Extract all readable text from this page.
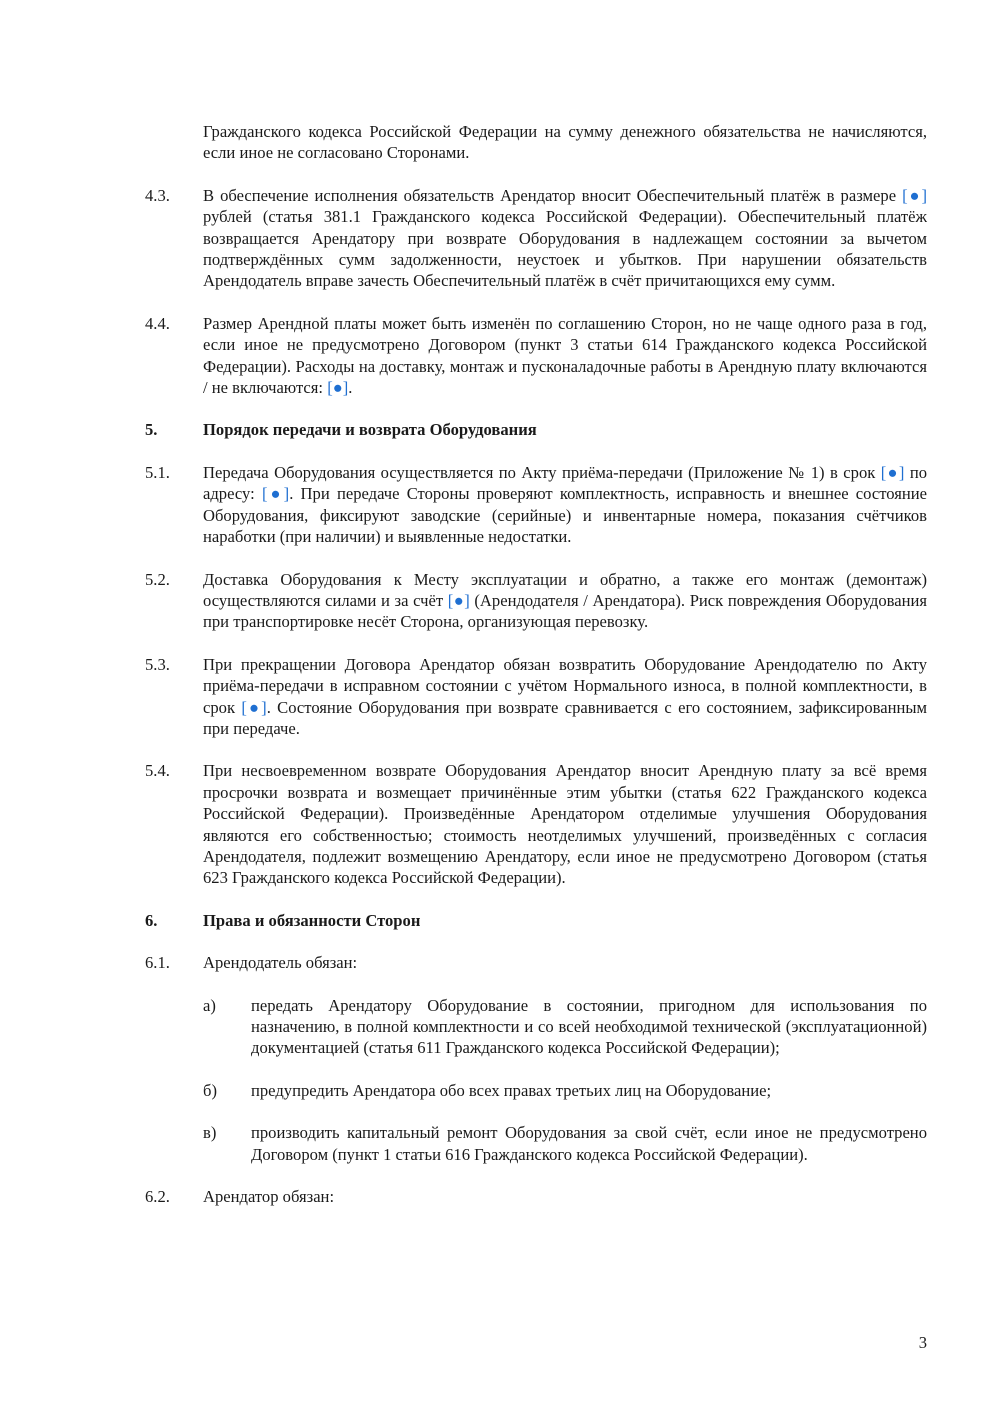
Гражданского кодекса Российской Федерации на сумму денежного обязательства не начисляются, если иное не согласовано Сторонами.
4.3.	В обеспечение исполнения обязательств Арендатор вносит Обеспечительный платёж в размере [●] рублей (статья 381.1 Гражданского кодекса Российской Федерации). Обеспечительный платёж возвращается Арендатору при возврате Оборудования в надлежащем состоянии за вычетом подтверждённых сумм задолженности, неустоек и убытков. При нарушении обязательств Арендодатель вправе зачесть Обеспечительный платёж в счёт причитающихся ему сумм.
4.4.	Размер Арендной платы может быть изменён по соглашению Сторон, но не чаще одного раза в год, если иное не предусмотрено Договором (пункт 3 статьи 614 Гражданского кодекса Российской Федерации). Расходы на доставку, монтаж и пусконаладочные работы в Арендную плату включаются / не включаются: [●].
5.	Порядок передачи и возврата Оборудования
5.1.	Передача Оборудования осуществляется по Акту приёма-передачи (Приложение № 1) в срок [●] по адресу: [●]. При передаче Стороны проверяют комплектность, исправность и внешнее состояние Оборудования, фиксируют заводские (серийные) и инвентарные номера, показания счётчиков наработки (при наличии) и выявленные недостатки.
5.2.	Доставка Оборудования к Месту эксплуатации и обратно, а также его монтаж (демонтаж) осуществляются силами и за счёт [●] (Арендодателя / Арендатора). Риск повреждения Оборудования при транспортировке несёт Сторона, организующая перевозку.
5.3.	При прекращении Договора Арендатор обязан возвратить Оборудование Арендодателю по Акту приёма-передачи в исправном состоянии с учётом Нормального износа, в полной комплектности, в срок [●]. Состояние Оборудования при возврате сравнивается с его состоянием, зафиксированным при передаче.
5.4.	При несвоевременном возврате Оборудования Арендатор вносит Арендную плату за всё время просрочки возврата и возмещает причинённые этим убытки (статья 622 Гражданского кодекса Российской Федерации). Произведённые Арендатором отделимые улучшения Оборудования являются его собственностью; стоимость неотделимых улучшений, произведённых с согласия Арендодателя, подлежит возмещению Арендатору, если иное не предусмотрено Договором (статья 623 Гражданского кодекса Российской Федерации).
6.	Права и обязанности Сторон
6.1.	Арендодатель обязан:
а)	передать Арендатору Оборудование в состоянии, пригодном для использования по назначению, в полной комплектности и со всей необходимой технической (эксплуатационной) документацией (статья 611 Гражданского кодекса Российской Федерации);
б)	предупредить Арендатора обо всех правах третьих лиц на Оборудование;
в)	производить капитальный ремонт Оборудования за свой счёт, если иное не предусмотрено Договором (пункт 1 статьи 616 Гражданского кодекса Российской Федерации).
6.2.	Арендатор обязан:
3
